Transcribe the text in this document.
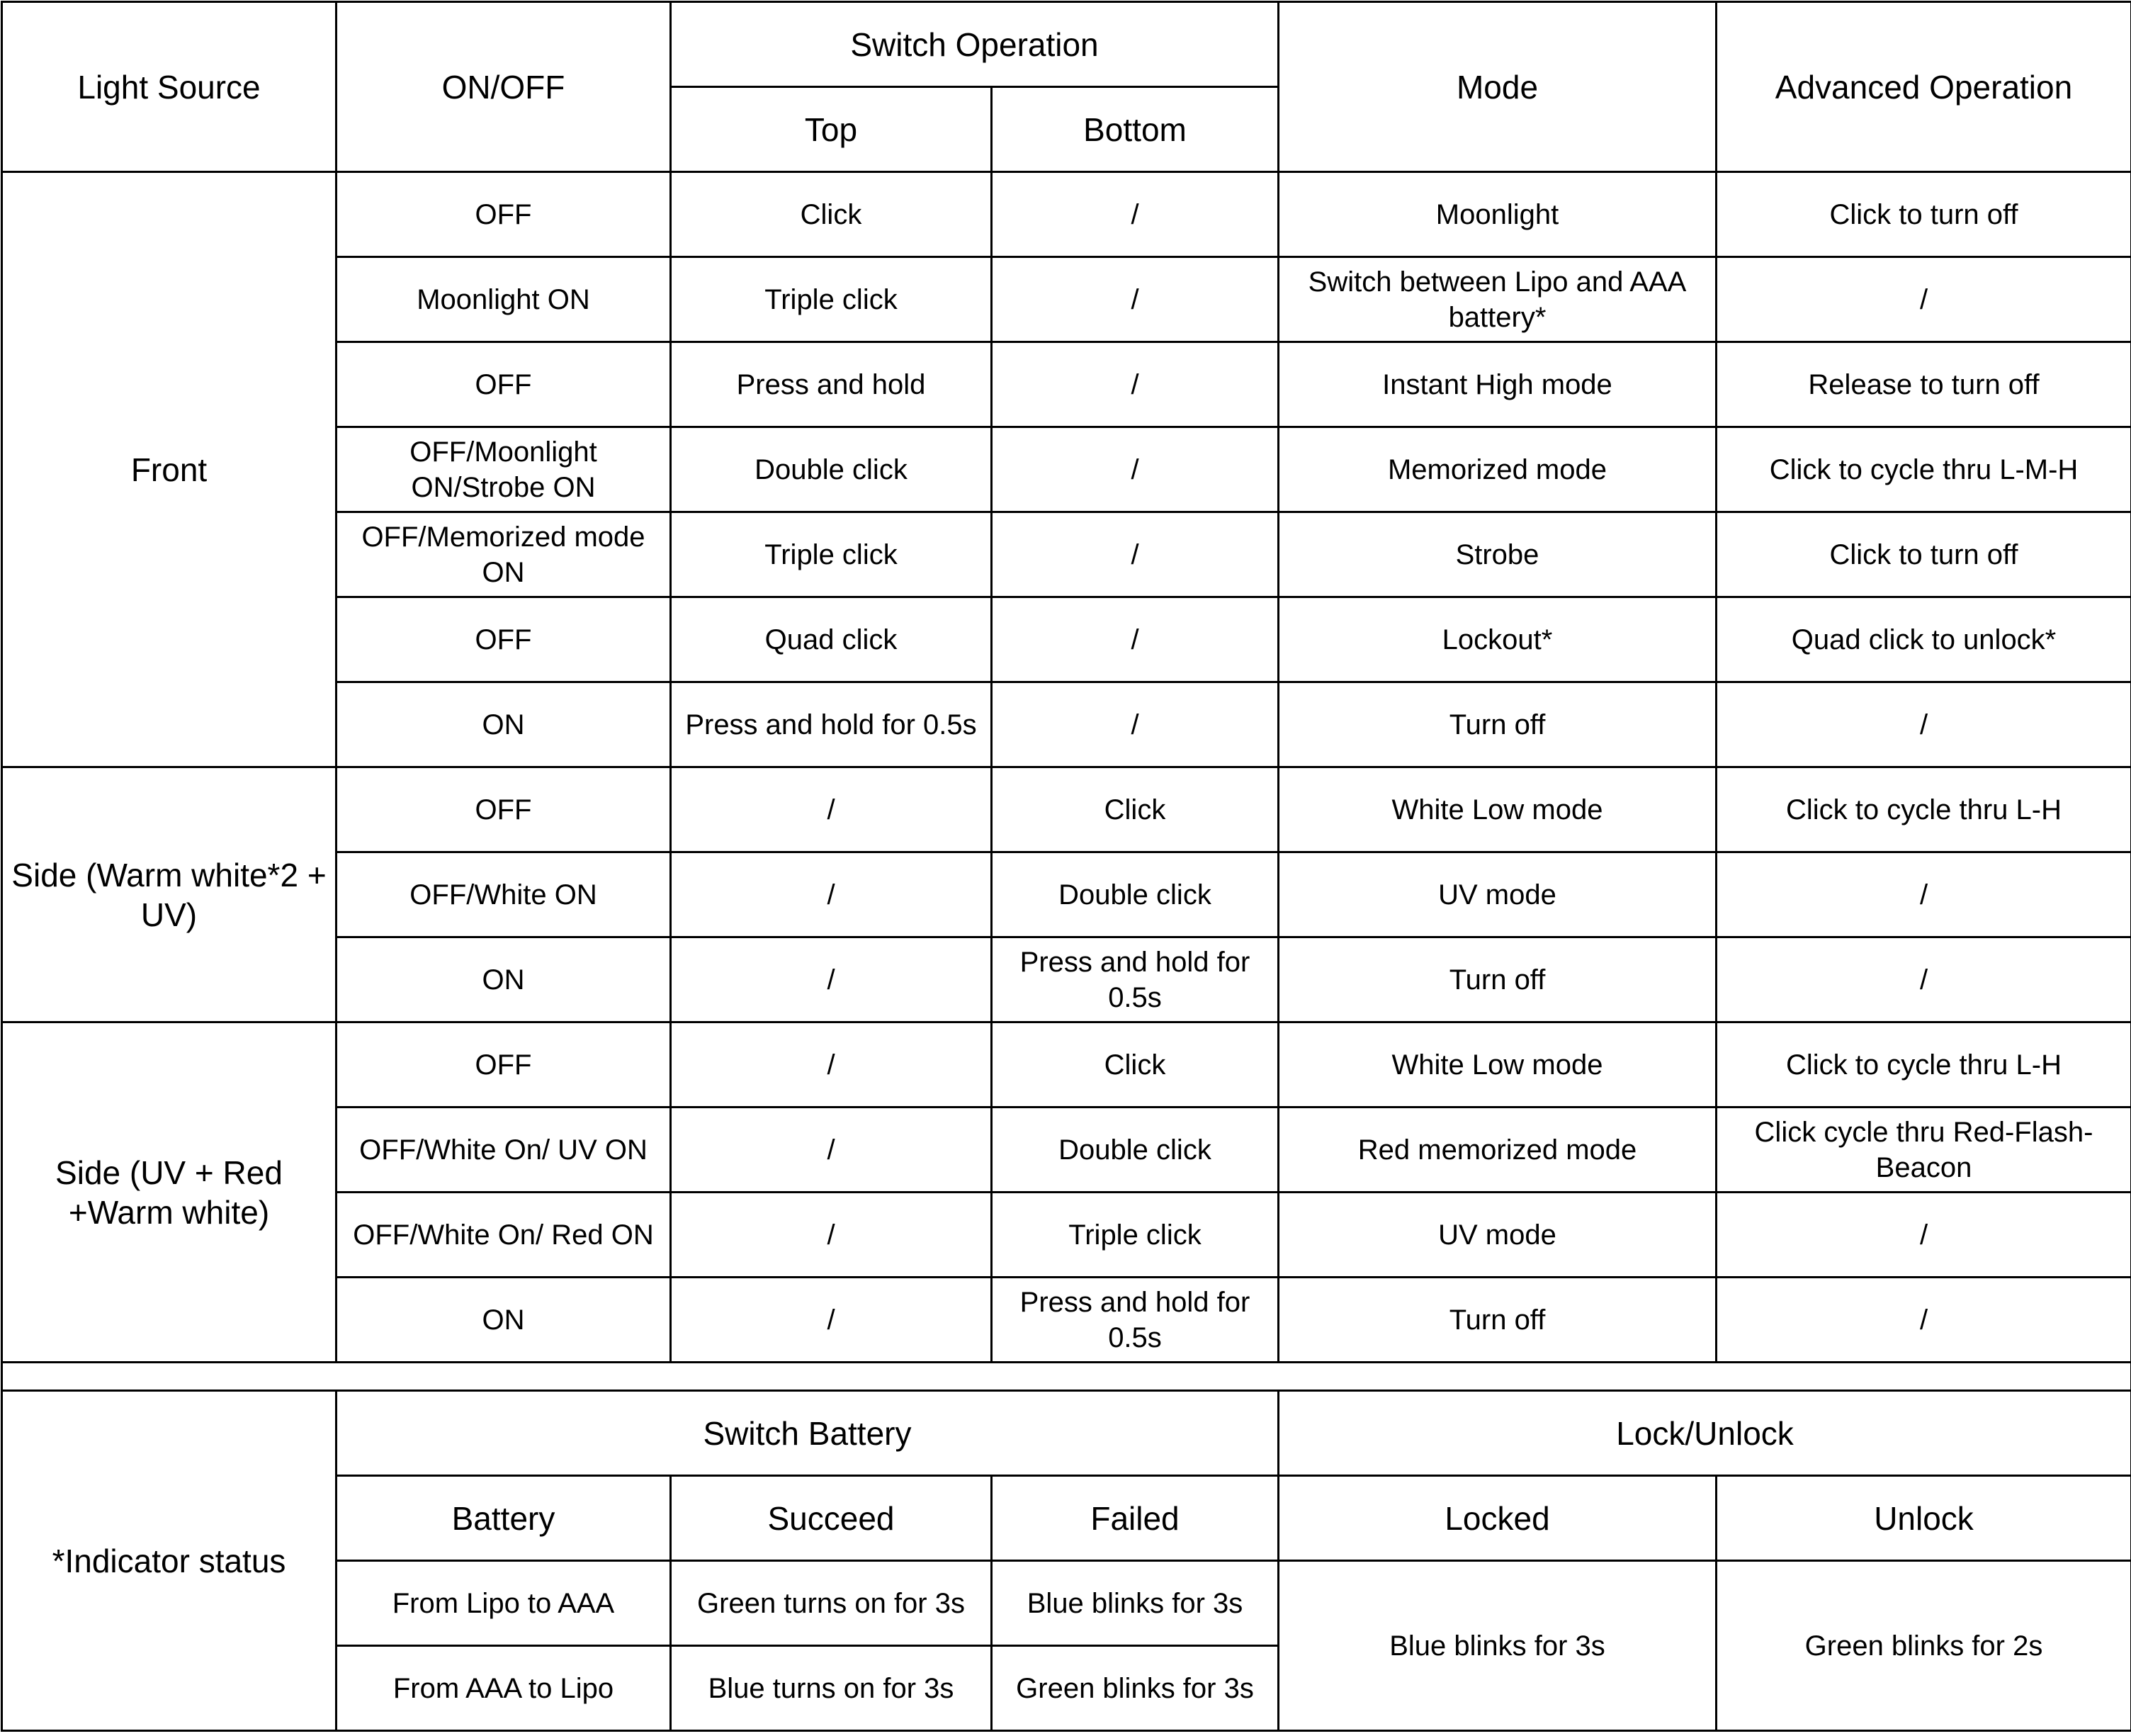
Light Source	ON/OFF	Switch Operation		Mode	Advanced Operation
		Top	Bottom		
Front	OFF	Click	/	Moonlight	Click to turn off
	Moonlight ON	Triple click	/	Switch between Lipo and AAA battery*	/
	OFF	Press and hold	/	Instant High mode	Release to turn off
	OFF/Moonlight ON/Strobe ON	Double click	/	Memorized mode	Click to cycle thru L-M-H
	OFF/Memorized mode ON	Triple click	/	Strobe	Click to turn off
	OFF	Quad click	/	Lockout*	Quad click to unlock*
	ON	Press and hold for 0.5s	/	Turn off	/
Side (Warm white*2 + UV)	OFF	/	Click	White Low mode	Click to cycle thru L-H
	OFF/White ON	/	Double click	UV mode	/
	ON	/	Press and hold for 0.5s	Turn off	/
Side (UV + Red +Warm white)	OFF	/	Click	White Low mode	Click to cycle thru L-H
	OFF/White On/ UV ON	/	Double click	Red memorized mode	Click cycle thru Red-Flash-Beacon
	OFF/White On/ Red ON	/	Triple click	UV mode	/
	ON	/	Press and hold for 0.5s	Turn off	/

*Indicator status	Switch Battery			Lock/Unlock	
	Battery	Succeed	Failed	Locked	Unlock
	From Lipo to AAA	Green turns on for 3s	Blue blinks for 3s	Blue blinks for 3s	Green blinks for 2s
	From AAA to Lipo	Blue turns on for 3s	Green blinks for 3s		
